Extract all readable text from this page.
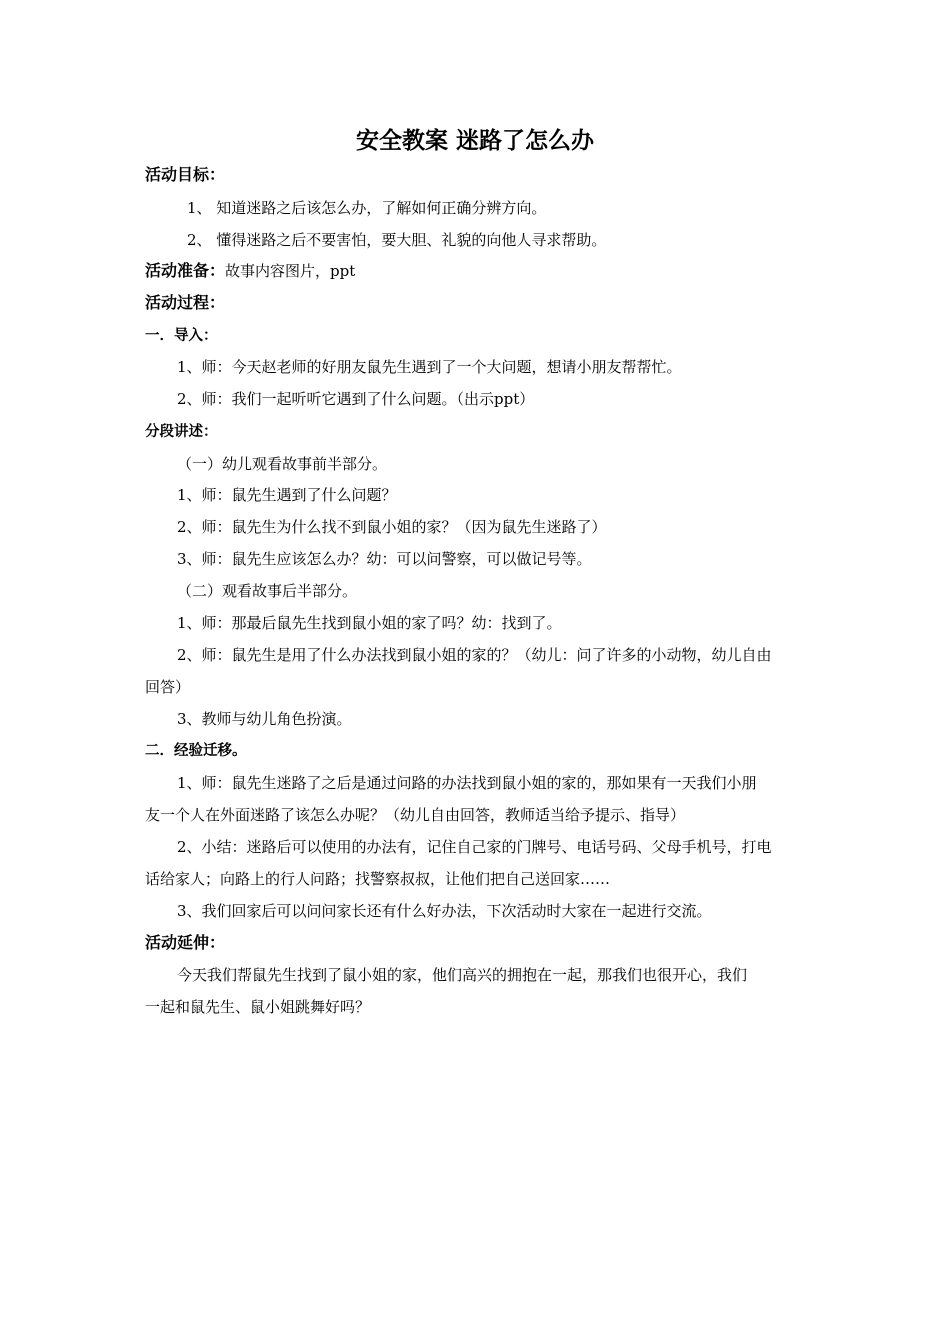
安全教案 迷路了怎么办
活动目标：
1、 知道迷路之后该怎么办，了解如何正确分辨方向。
2、 懂得迷路之后不要害怕，要大胆、礼貌的向他人寻求帮助。
活动准备：故事内容图片，ppt
活动过程：
一．导入：
1、师：今天赵老师的好朋友鼠先生遇到了一个大问题，想请小朋友帮帮忙。
2、师：我们一起听听它遇到了什么问题。（出示ppt）
分段讲述：
（一）幼儿观看故事前半部分。
1、师：鼠先生遇到了什么问题？
2、师：鼠先生为什么找不到鼠小姐的家？（因为鼠先生迷路了）
3、师：鼠先生应该怎么办？幼：可以问警察，可以做记号等。
（二）观看故事后半部分。
1、师：那最后鼠先生找到鼠小姐的家了吗？幼：找到了。
2、师：鼠先生是用了什么办法找到鼠小姐的家的？（幼儿：问了许多的小动物，幼儿自由
回答）
3、教师与幼儿角色扮演。
二．经验迁移。
1、师：鼠先生迷路了之后是通过问路的办法找到鼠小姐的家的，那如果有一天我们小朋
友一个人在外面迷路了该怎么办呢？（幼儿自由回答，教师适当给予提示、指导）
2、小结：迷路后可以使用的办法有，记住自己家的门牌号、电话号码、父母手机号，打电
话给家人；向路上的行人问路；找警察叔叔，让他们把自己送回家……
3、我们回家后可以问问家长还有什么好办法，下次活动时大家在一起进行交流。
活动延伸：
今天我们帮鼠先生找到了鼠小姐的家，他们高兴的拥抱在一起，那我们也很开心，我们
一起和鼠先生、鼠小姐跳舞好吗？
